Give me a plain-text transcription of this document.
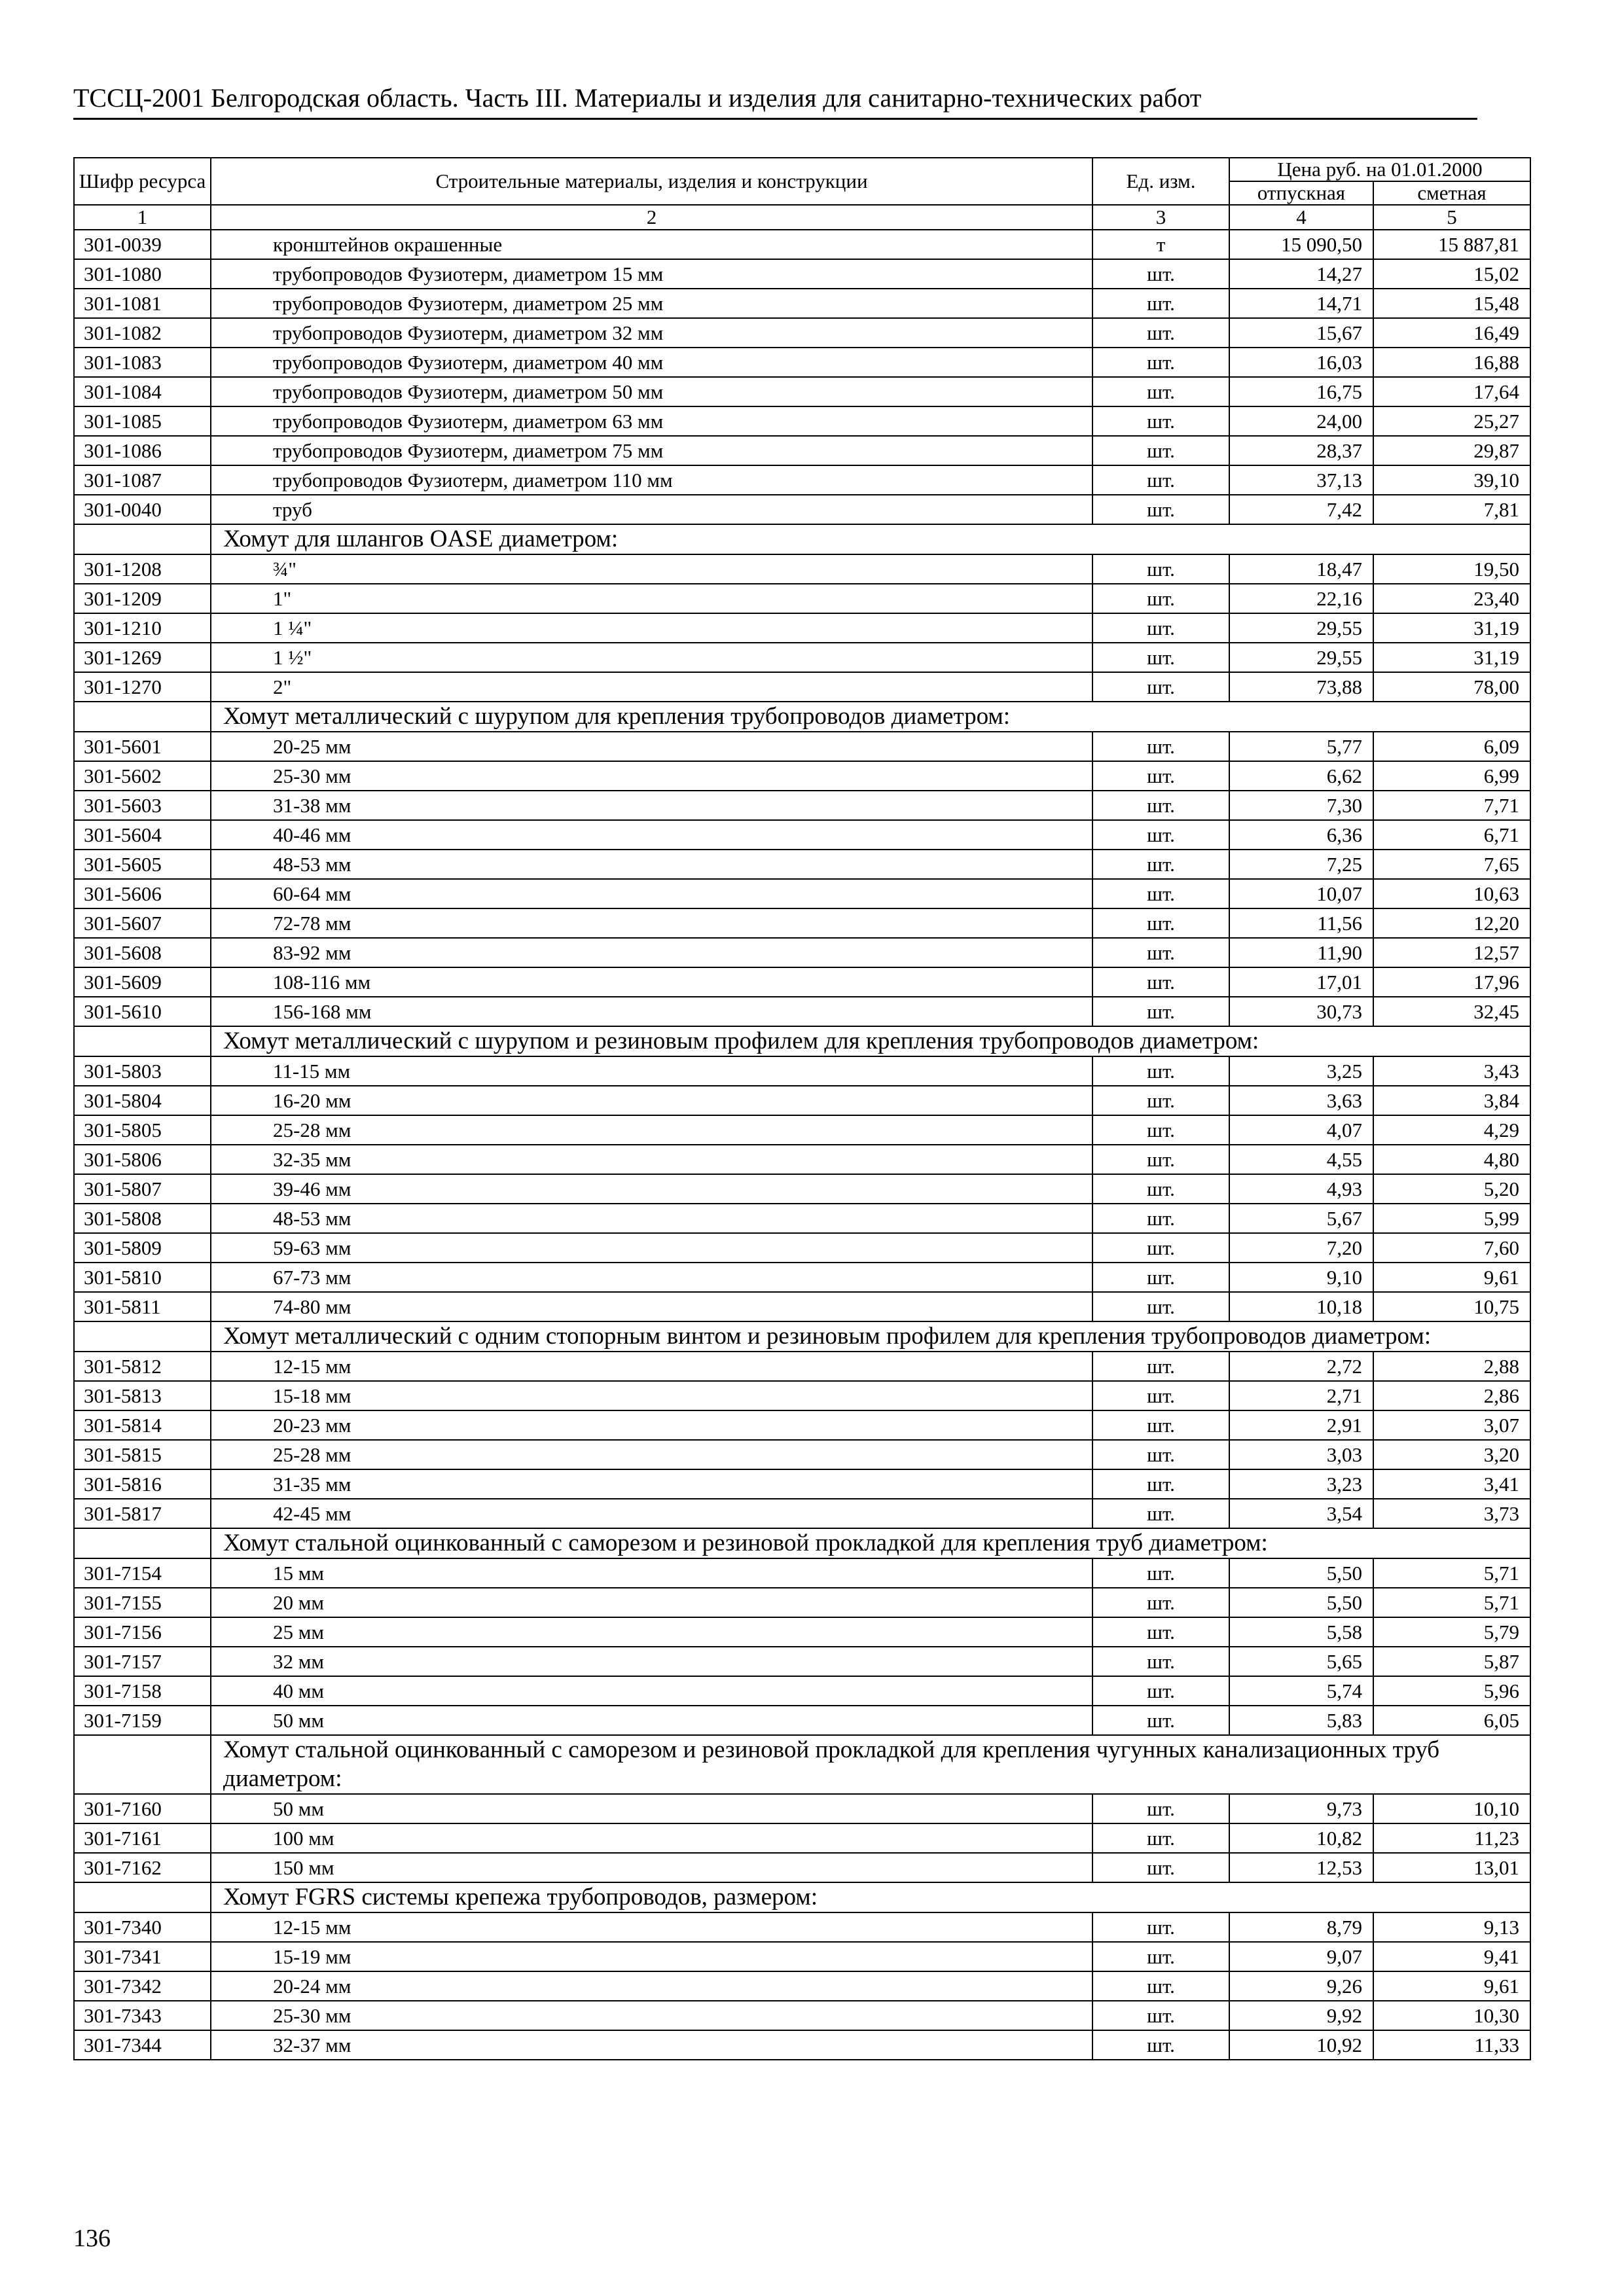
ТССЦ-2001 Белгородская область. Часть III. Материалы и изделия для санитарно-технических работ
Шифр ресурса	Строительные материалы, изделия и конструкции	Ед. изм.	Цена руб. на 01.01.2000	
			отпускная	сметная
1	2	3	4	5
301-0039	кронштейнов окрашенные	т	15 090,50	15 887,81
301-1080	трубопроводов Фузиотерм, диаметром 15 мм	шт.	14,27	15,02
301-1081	трубопроводов Фузиотерм, диаметром 25 мм	шт.	14,71	15,48
301-1082	трубопроводов Фузиотерм, диаметром 32 мм	шт.	15,67	16,49
301-1083	трубопроводов Фузиотерм, диаметром 40 мм	шт.	16,03	16,88
301-1084	трубопроводов Фузиотерм, диаметром 50 мм	шт.	16,75	17,64
301-1085	трубопроводов Фузиотерм, диаметром 63 мм	шт.	24,00	25,27
301-1086	трубопроводов Фузиотерм, диаметром 75 мм	шт.	28,37	29,87
301-1087	трубопроводов Фузиотерм, диаметром 110 мм	шт.	37,13	39,10
301-0040	труб	шт.	7,42	7,81
	Хомут для шлангов OASE диаметром:			
301-1208	¾"	шт.	18,47	19,50
301-1209	1"	шт.	22,16	23,40
301-1210	1 ¼"	шт.	29,55	31,19
301-1269	1 ½"	шт.	29,55	31,19
301-1270	2"	шт.	73,88	78,00
	Хомут металлический с шурупом для крепления трубопроводов диаметром:			
301-5601	20-25 мм	шт.	5,77	6,09
301-5602	25-30 мм	шт.	6,62	6,99
301-5603	31-38 мм	шт.	7,30	7,71
301-5604	40-46 мм	шт.	6,36	6,71
301-5605	48-53 мм	шт.	7,25	7,65
301-5606	60-64 мм	шт.	10,07	10,63
301-5607	72-78 мм	шт.	11,56	12,20
301-5608	83-92 мм	шт.	11,90	12,57
301-5609	108-116 мм	шт.	17,01	17,96
301-5610	156-168 мм	шт.	30,73	32,45
	Хомут металлический с шурупом и резиновым профилем для крепления трубопроводов диаметром:			
301-5803	11-15 мм	шт.	3,25	3,43
301-5804	16-20 мм	шт.	3,63	3,84
301-5805	25-28 мм	шт.	4,07	4,29
301-5806	32-35 мм	шт.	4,55	4,80
301-5807	39-46 мм	шт.	4,93	5,20
301-5808	48-53 мм	шт.	5,67	5,99
301-5809	59-63 мм	шт.	7,20	7,60
301-5810	67-73 мм	шт.	9,10	9,61
301-5811	74-80 мм	шт.	10,18	10,75
	Хомут металлический с одним стопорным винтом и резиновым профилем для крепления трубопроводов диаметром:			
301-5812	12-15 мм	шт.	2,72	2,88
301-5813	15-18 мм	шт.	2,71	2,86
301-5814	20-23 мм	шт.	2,91	3,07
301-5815	25-28 мм	шт.	3,03	3,20
301-5816	31-35 мм	шт.	3,23	3,41
301-5817	42-45 мм	шт.	3,54	3,73
	Хомут стальной оцинкованный с саморезом и резиновой прокладкой для крепления труб диаметром:			
301-7154	15 мм	шт.	5,50	5,71
301-7155	20 мм	шт.	5,50	5,71
301-7156	25 мм	шт.	5,58	5,79
301-7157	32 мм	шт.	5,65	5,87
301-7158	40 мм	шт.	5,74	5,96
301-7159	50 мм	шт.	5,83	6,05
	Хомут стальной оцинкованный с саморезом и резиновой прокладкой для крепления чугунных канализационных труб диаметром:			
301-7160	50 мм	шт.	9,73	10,10
301-7161	100 мм	шт.	10,82	11,23
301-7162	150 мм	шт.	12,53	13,01
	Хомут FGRS системы крепежа трубопроводов, размером:			
301-7340	12-15 мм	шт.	8,79	9,13
301-7341	15-19 мм	шт.	9,07	9,41
301-7342	20-24 мм	шт.	9,26	9,61
301-7343	25-30 мм	шт.	9,92	10,30
301-7344	32-37 мм	шт.	10,92	11,33
136
